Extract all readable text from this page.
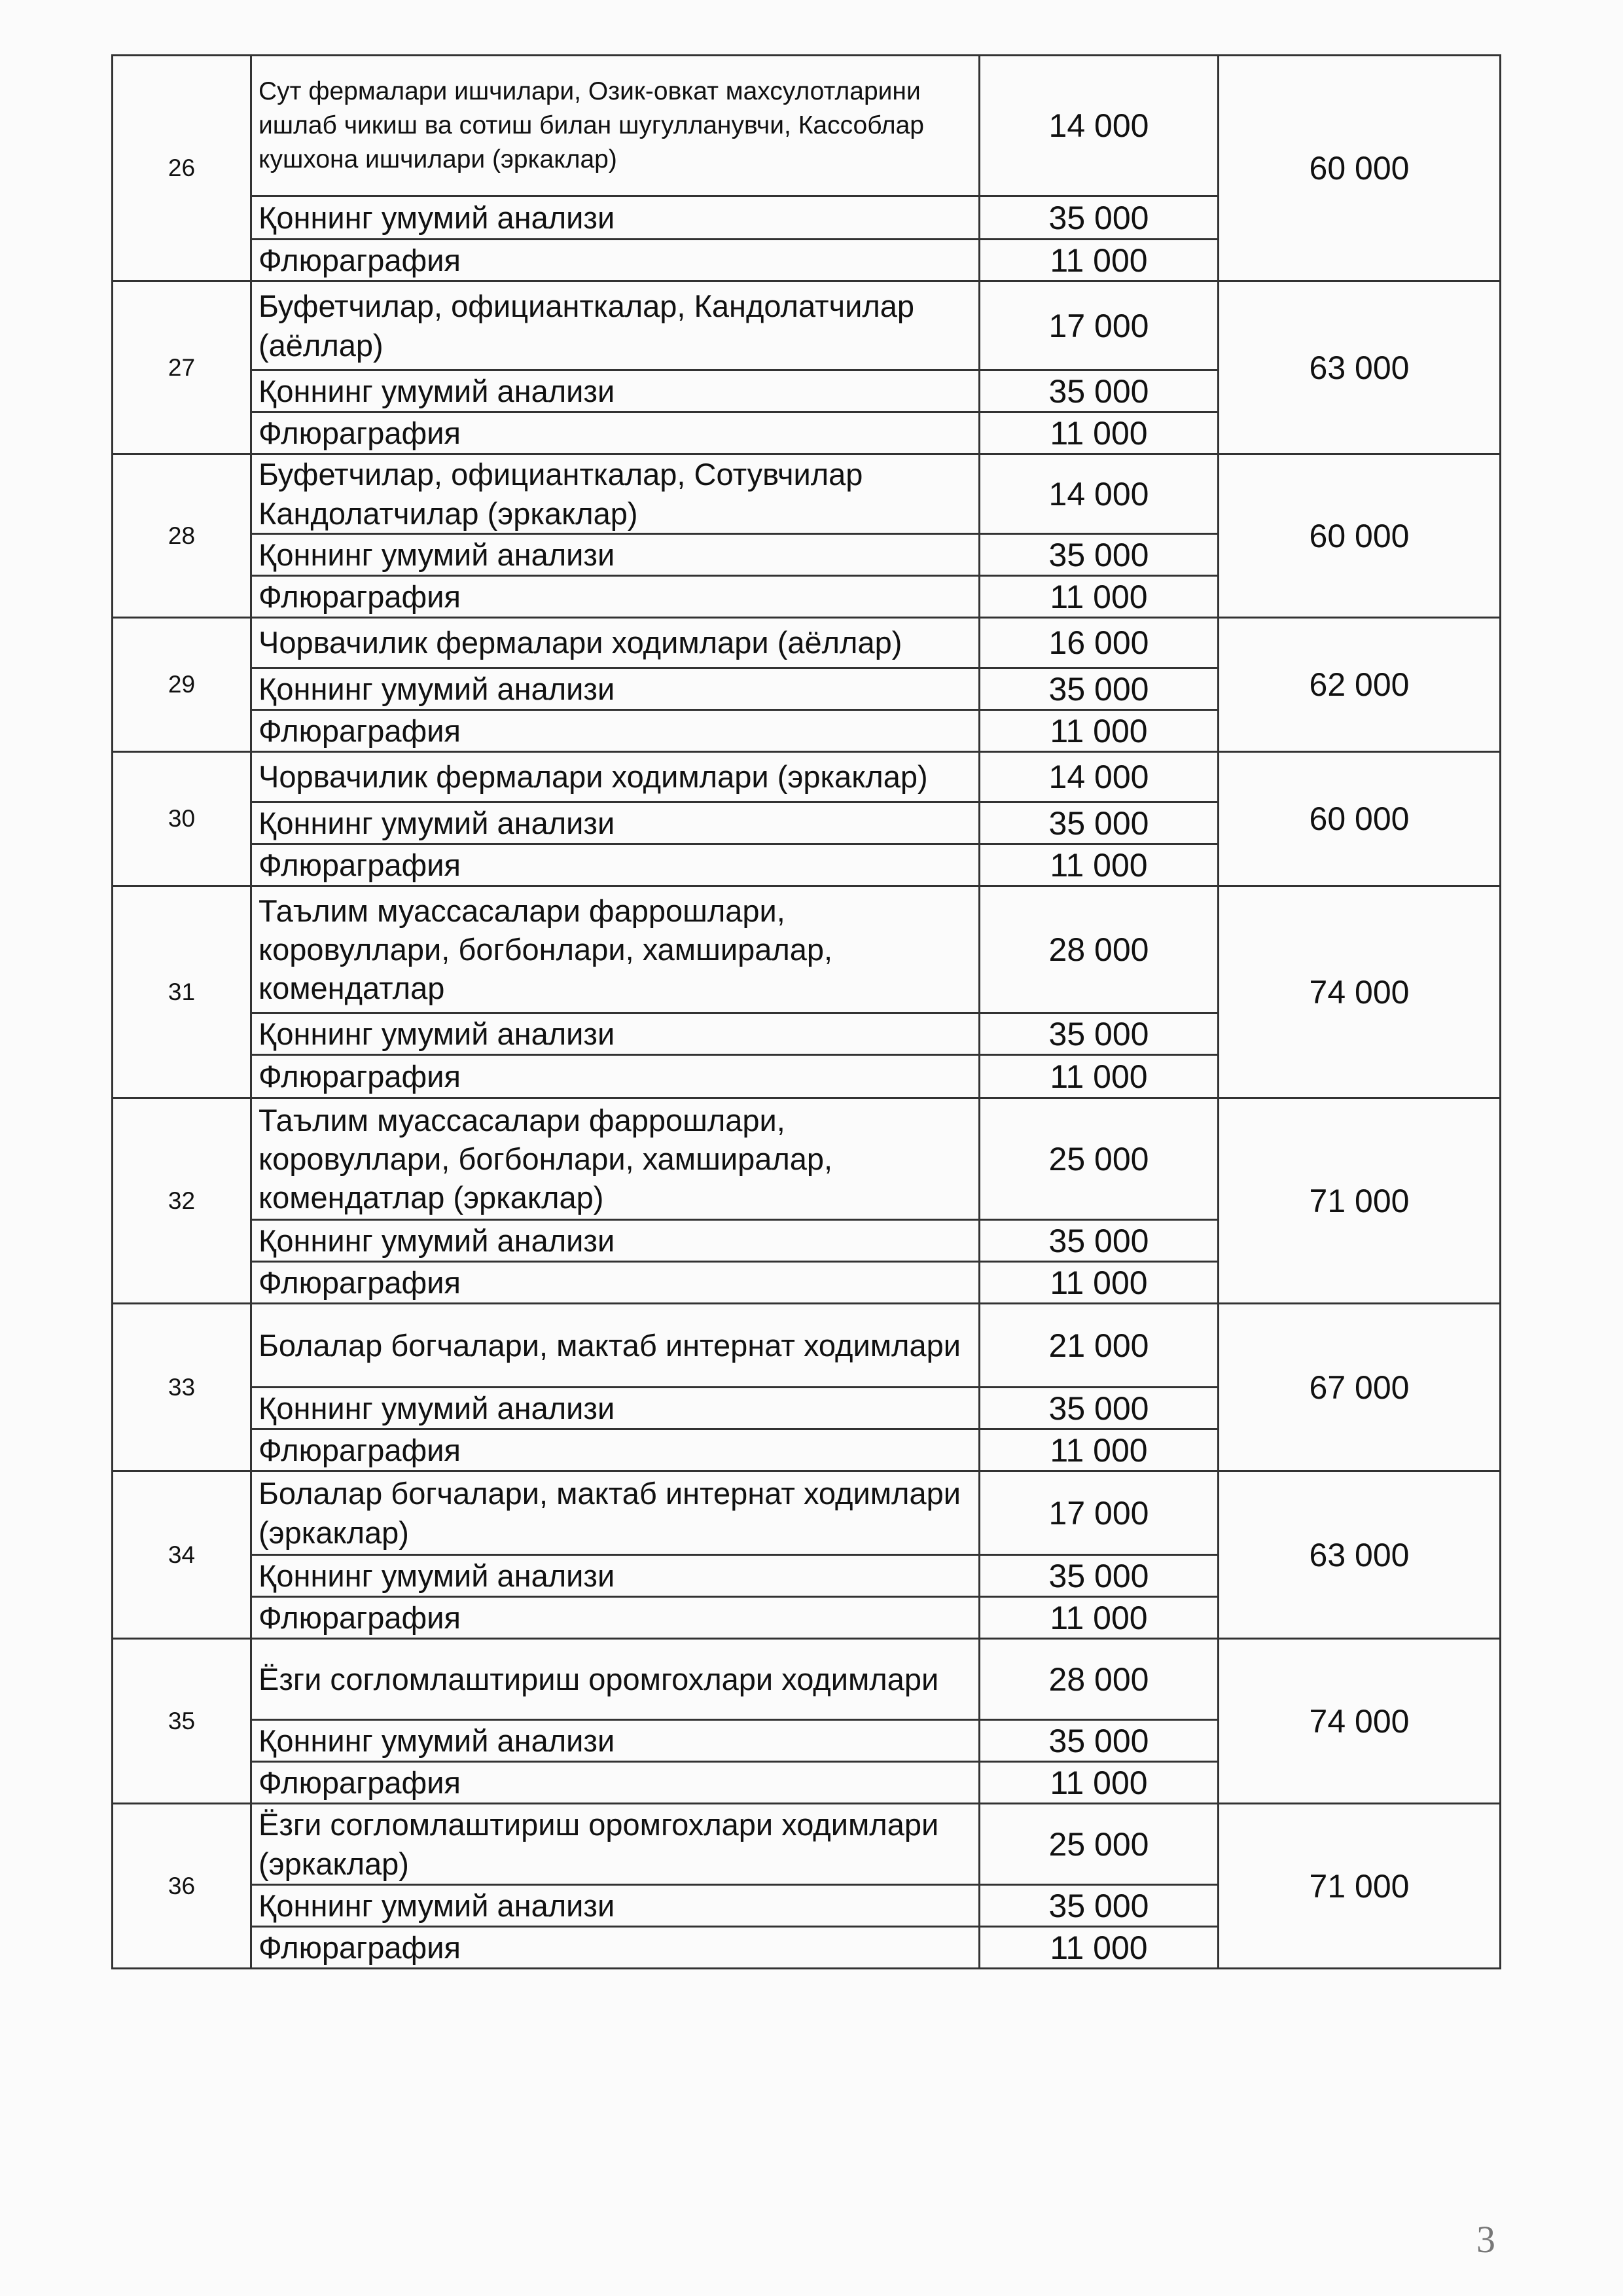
26	Сут фермалари ишчилари, Озик-овкат махсулотларини ишлаб чикиш ва сотиш билан шугулланувчи, Кассоблар кушхона ишчилари (эркаклар)	14 000	60 000
	Қоннинг умумий анализи	35 000	
	Флюраграфия	11 000	
27	Буфетчилар, официанткалар, Кандолатчилар (аёллар)	17 000	63 000
	Қоннинг умумий анализи	35 000	
	Флюраграфия	11 000	
28	Буфетчилар, официанткалар, Сотувчилар Кандолатчилар (эркаклар)	14 000	60 000
	Қоннинг умумий анализи	35 000	
	Флюраграфия	11 000	
29	Чорвачилик фермалари ходимлари (аёллар)	16 000	62 000
	Қоннинг умумий анализи	35 000	
	Флюраграфия	11 000	
30	Чорвачилик фермалари ходимлари (эркаклар)	14 000	60 000
	Қоннинг умумий анализи	35 000	
	Флюраграфия	11 000	
31	Таълим муассасалари фаррошлари, коровуллари, богбонлари, хамширалар, комендатлар	28 000	74 000
	Қоннинг умумий анализи	35 000	
	Флюраграфия	11 000	
32	Таълим муассасалари фаррошлари, коровуллари, богбонлари, хамширалар, комендатлар (эркаклар)	25 000	71 000
	Қоннинг умумий анализи	35 000	
	Флюраграфия	11 000	
33	Болалар богчалари, мактаб интернат ходимлари	21 000	67 000
	Қоннинг умумий анализи	35 000	
	Флюраграфия	11 000	
34	Болалар богчалари, мактаб интернат ходимлари (эркаклар)	17 000	63 000
	Қоннинг умумий анализи	35 000	
	Флюраграфия	11 000	
35	Ёзги согломлаштириш оромгохлари ходимлари	28 000	74 000
	Қоннинг умумий анализи	35 000	
	Флюраграфия	11 000	
36	Ёзги согломлаштириш оромгохлари ходимлари (эркаклар)	25 000	71 000
	Қоннинг умумий анализи	35 000	
	Флюраграфия	11 000	
3
